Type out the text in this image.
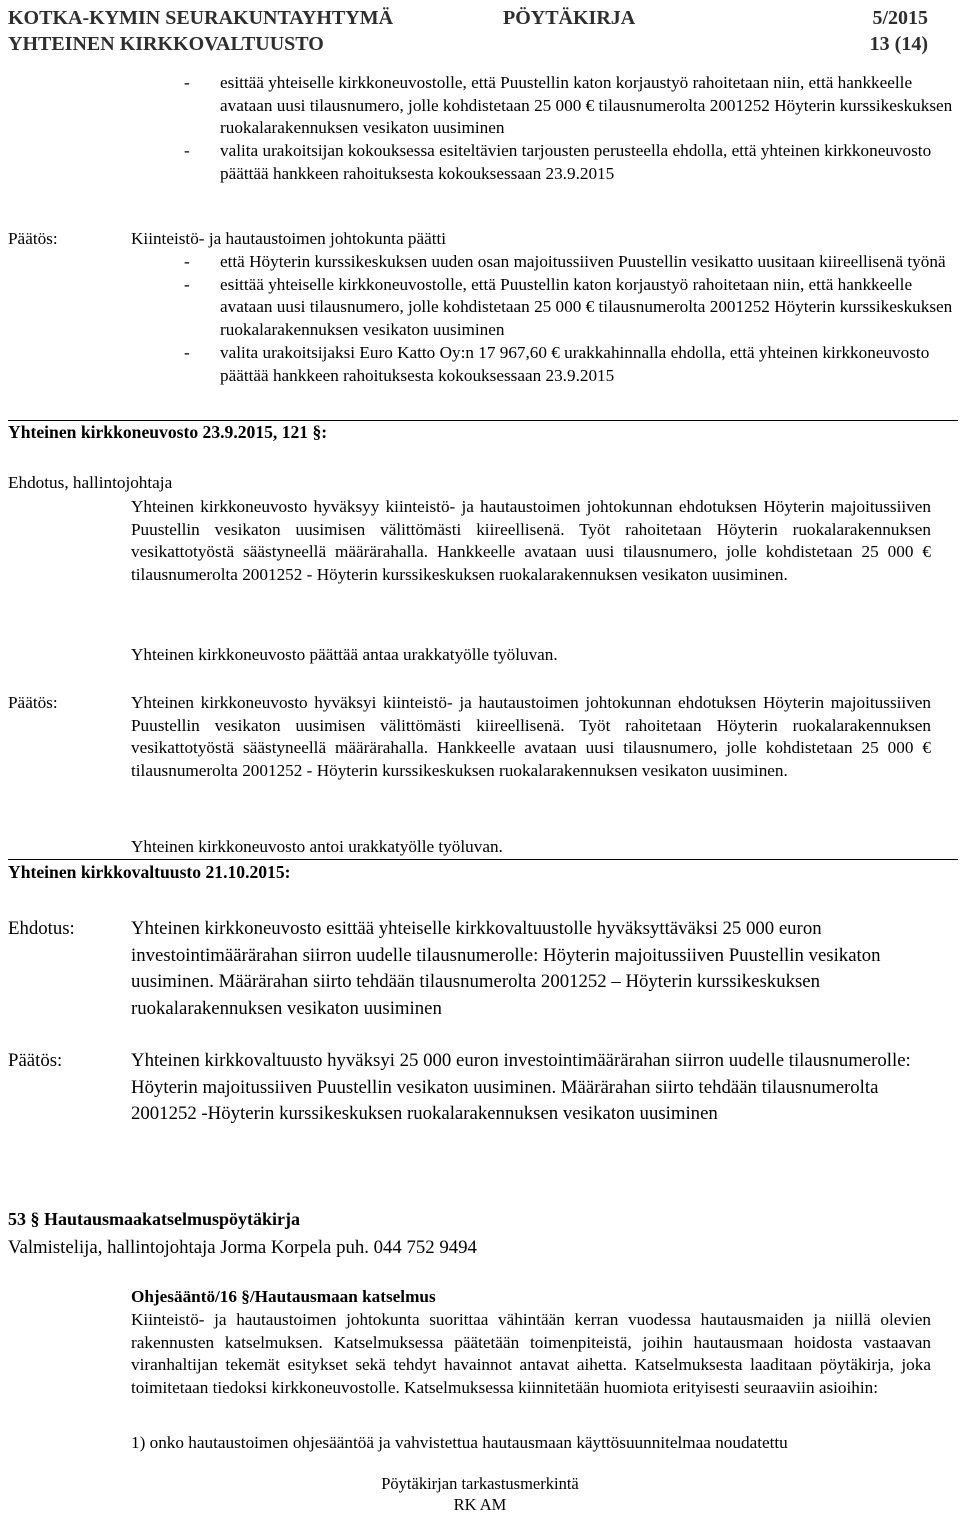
KOTKA-KYMIN SEURAKUNTAYHTYMÄ	PÖYTÄKIRJA	5/2015
YHTEINEN KIRKKOVALTUUSTO	13 (14)
- esittää yhteiselle kirkkoneuvostolle, että Puustellin katon korjaustyö rahoitetaan niin, että hankkeelle avataan uusi tilausnumero, jolle kohdistetaan 25 000 € tilausnumerolta 2001252 Höyterin kurssikeskuksen ruokalarakennuksen vesikaton uusiminen
- valita urakoitsijan kokouksessa esiteltävien tarjousten perusteella ehdolla, että yhteinen kirkkoneuvosto päättää hankkeen rahoituksesta kokouksessaan 23.9.2015
Päätös:	Kiinteistö- ja hautaustoimen johtokunta päätti
- että Höyterin kurssikeskuksen uuden osan majoitussiiven Puustellin vesikatto uusitaan kiireellisenä työnä
- esittää yhteiselle kirkkoneuvostolle, että Puustellin katon korjaustyö rahoitetaan niin, että hankkeelle avataan uusi tilausnumero, jolle kohdistetaan 25 000 € tilausnumerolta 2001252 Höyterin kurssikeskuksen ruokalarakennuksen vesikaton uusiminen
- valita urakoitsijaksi Euro Katto Oy:n 17 967,60 € urakkahinnalla ehdolla, että yhteinen kirkkoneuvosto päättää hankkeen rahoituksesta kokouksessaan 23.9.2015
Yhteinen kirkkoneuvosto 23.9.2015, 121 §:
Ehdotus, hallintojohtaja
Yhteinen kirkkoneuvosto hyväksyy kiinteistö- ja hautaustoimen johtokunnan ehdotuksen Höyterin majoitussiiven Puustellin vesikaton uusimisen välittömästi kiireellisenä. Työt rahoitetaan Höyterin ruokalarakennuksen vesikattotyöstä säästyneellä määrärahalla. Hankkeelle avataan uusi tilausnumero, jolle kohdistetaan 25 000 € tilausnumerolta 2001252 - Höyterin kurssikeskuksen ruokalarakennuksen vesikaton uusiminen.
Yhteinen kirkkoneuvosto päättää antaa urakkatyölle työluvan.
Päätös:	Yhteinen kirkkoneuvosto hyväksyi kiinteistö- ja hautaustoimen johtokunnan ehdotuksen Höyterin majoitussiiven Puustellin vesikaton uusimisen välittömästi kiireellisenä. Työt rahoitetaan Höyterin ruokalarakennuksen vesikattotyöstä säästyneellä määrärahalla. Hankkeelle avataan uusi tilausnumero, jolle kohdistetaan 25 000 € tilausnumerolta 2001252 - Höyterin kurssikeskuksen ruokalarakennuksen vesikaton uusiminen.
Yhteinen kirkkoneuvosto antoi urakkatyölle työluvan.
Yhteinen kirkkovaltuusto 21.10.2015:
Ehdotus:	Yhteinen kirkkoneuvosto esittää yhteiselle kirkkovaltuustolle hyväksyttäväksi 25 000 euron investointimäärärahan siirron uudelle tilausnumerolle: Höyterin majoitussiiven Puustellin vesikaton uusiminen. Määrärahan siirto tehdään tilausnumerolta 2001252 – Höyterin kurssikeskuksen ruokalarakennuksen vesikaton uusiminen
Päätös:	Yhteinen kirkkovaltuusto hyväksyi 25 000 euron investointimäärärahan siirron uudelle tilausnumerolle: Höyterin majoitussiiven Puustellin vesikaton uusiminen. Määrärahan siirto tehdään tilausnumerolta 2001252 -Höyterin kurssikeskuksen ruokalarakennuksen vesikaton uusiminen
53 § Hautausmaakatselmuspöytäkirja
Valmistelija, hallintojohtaja Jorma Korpela puh. 044 752 9494
Ohjesääntö/16 §/Hautausmaan katselmus
Kiinteistö- ja hautaustoimen johtokunta suorittaa vähintään kerran vuodessa hautausmaiden ja niillä olevien rakennusten katselmuksen. Katselmuksessa päätetään toimenpiteistä, joihin hautausmaan hoidosta vastaavan viranhaltijan tekemät esitykset sekä tehdyt havainnot antavat aihetta. Katselmuksesta laaditaan pöytäkirja, joka toimitetaan tiedoksi kirkkoneuvostolle. Katselmuksessa kiinnitetään huomiota erityisesti seuraaviin asioihin:
1) onko hautaustoimen ohjesääntöä ja vahvistettua hautausmaan käyttösuunnitelmaa noudatettu
Pöytäkirjan tarkastusmerkintä
RK AM
